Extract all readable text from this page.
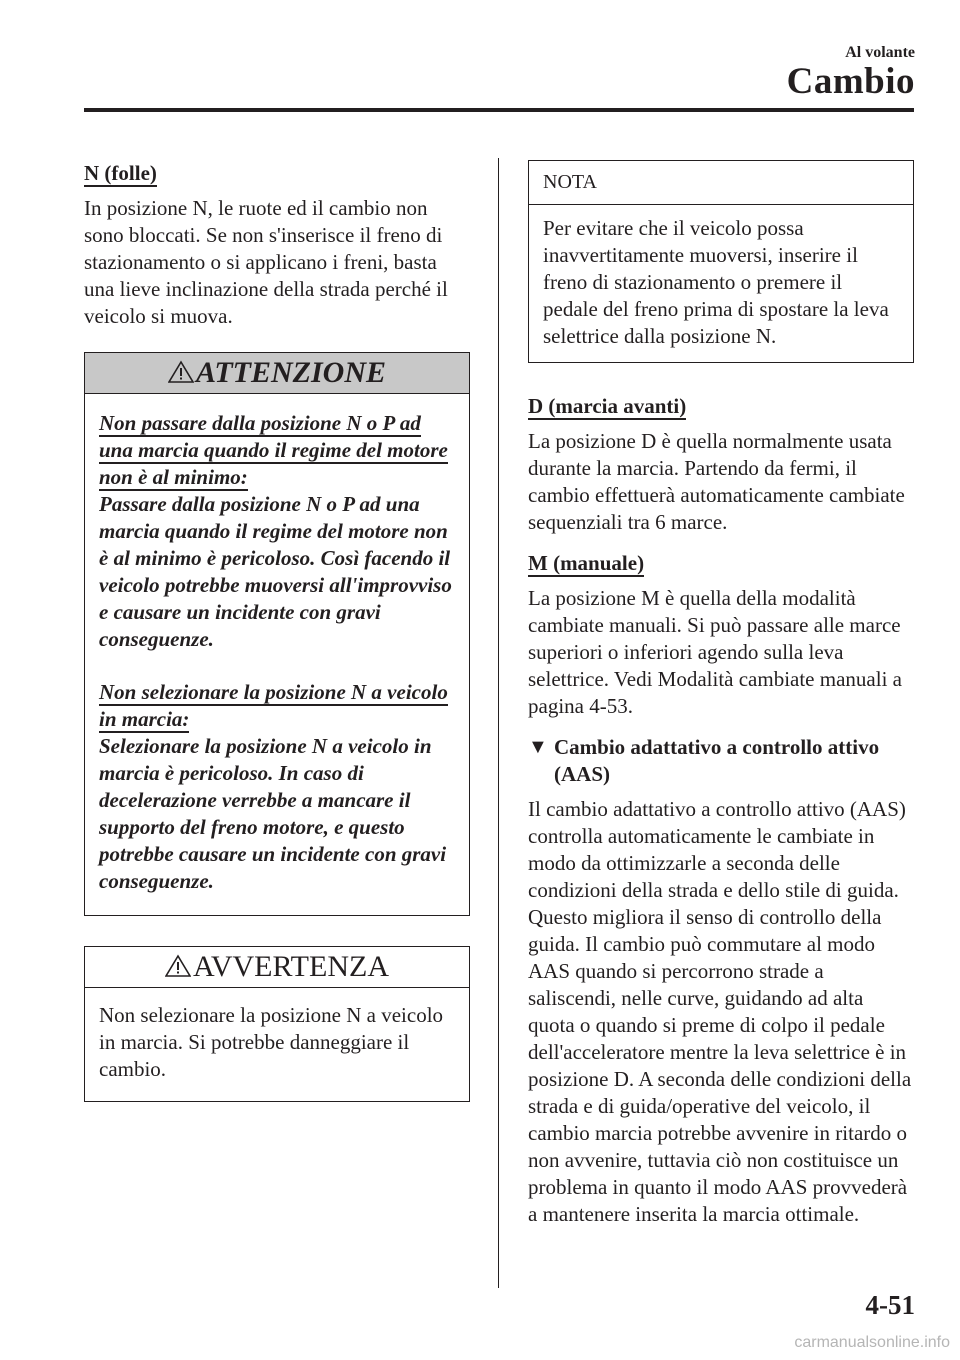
Al volante
Cambio
N (folle)

In posizione N, le ruote ed il cambio non sono bloccati. Se non s'inserisce il freno di stazionamento o si applicano i freni, basta una lieve inclinazione della strada perché il veicolo si muova.

ATTENZIONE
Non passare dalla posizione N o P ad una marcia quando il regime del motore non è al minimo:

Passare dalla posizione N o P ad una marcia quando il regime del motore non è al minimo è pericoloso. Così facendo il veicolo potrebbe muoversi all'improvviso e causare un incidente con gravi conseguenze.

Non selezionare la posizione N a veicolo in marcia:

Selezionare la posizione N a veicolo in marcia è pericoloso. In caso di decelerazione verrebbe a mancare il supporto del freno motore, e questo potrebbe causare un incidente con gravi conseguenze.

AVVERTENZA

Non selezionare la posizione N a veicolo in marcia. Si potrebbe danneggiare il cambio.

NOTA

Per evitare che il veicolo possa inavvertitamente muoversi, inserire il freno di stazionamento o premere il pedale del freno prima di spostare la leva selettrice dalla posizione N.

D (marcia avanti)

La posizione D è quella normalmente usata durante la marcia. Partendo da fermi, il cambio effettuerà automaticamente cambiate sequenziali tra 6 marce.

M (manuale)

La posizione M è quella della modalità cambiate manuali. Si può passare alle marce superiori o inferiori agendo sulla leva selettrice. Vedi Modalità cambiate manuali a pagina 4-53.

▼ Cambio adattativo a controllo attivo (AAS)

Il cambio adattativo a controllo attivo (AAS) controlla automaticamente le cambiate in modo da ottimizzarle a seconda delle condizioni della strada e dello stile di guida. Questo migliora il senso di controllo della guida. Il cambio può commutare al modo AAS quando si percorrono strade a saliscendi, nelle curve, guidando ad alta quota o quando si preme di colpo il pedale dell'acceleratore mentre la leva selettrice è in posizione D. A seconda delle condizioni della strada e di guida/operative del veicolo, il cambio marcia potrebbe avvenire in ritardo o non avvenire, tuttavia ciò non costituisce un problema in quanto il modo AAS provvederà a mantenere inserita la marcia ottimale.

4-51
carmanualsonline.info
